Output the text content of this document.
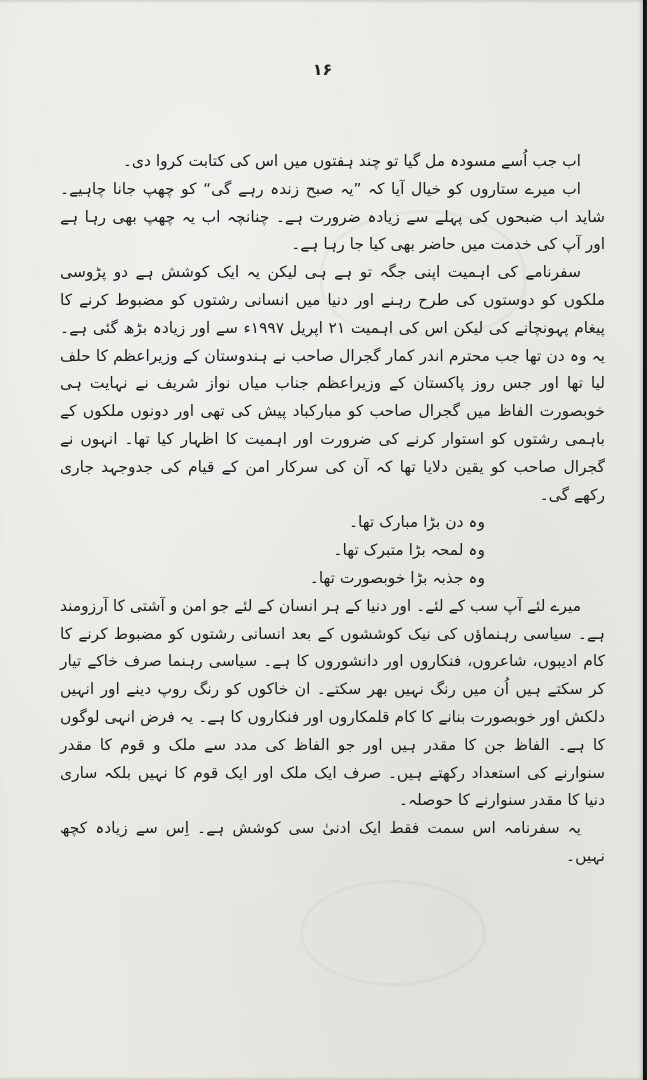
۱۶

اب جب اُسے مسودہ مل گیا تو چند ہفتوں میں اس کی کتابت کروا دی۔

اب میرے ستاروں کو خیال آیا کہ ”یہ صبح زندہ رہے گی“ کو چھپ جانا چاہیے۔ شاید اب ضبحوں کی پہلے سے زیادہ ضرورت ہے۔ چنانچہ اب یہ چھپ بھی رہا ہے اور آپ کی خدمت میں حاضر بھی کیا جا رہا ہے۔

سفرنامے کی اہمیت اپنی جگہ تو ہے ہی لیکن یہ ایک کوشش ہے دو پڑوسی ملکوں کو دوستوں کی طرح رہنے اور دنیا میں انسانی رشتوں کو مضبوط کرنے کا پیغام پہونچانے کی لیکن اس کی اہمیت ۲۱ اپریل ۱۹۹۷ء سے اور زیادہ بڑھ گئی ہے۔ یہ وہ دن تھا جب محترم اندر کمار گجرال صاحب نے ہندوستان کے وزیراعظم کا حلف لیا تھا اور جس روز پاکستان کے وزیراعظم جناب میاں نواز شریف نے نہایت ہی خوبصورت الفاظ میں گجرال صاحب کو مبارکباد پیش کی تھی اور دونوں ملکوں کے باہمی رشتوں کو استوار کرنے کی ضرورت اور اہمیت کا اظہار کیا تھا۔ انہوں نے گجرال صاحب کو یقین دلایا تھا کہ آن کی سرکار امن کے قیام کی جدوجہد جاری رکھے گی۔

وہ دن بڑا مبارک تھا۔

وہ لمحہ بڑا متبرک تھا۔

وہ جذبہ بڑا خوبصورت تھا۔

میرے لئے آپ سب کے لئے۔ اور دنیا کے ہر انسان کے لئے جو امن و آشتی کا آرزومند ہے۔ سیاسی رہنماؤں کی نیک کوششوں کے بعد انسانی رشتوں کو مضبوط کرنے کا کام ادیبوں، شاعروں، فنکاروں اور دانشوروں کا ہے۔ سیاسی رہنما صرف خاکے تیار کر سکتے ہیں اُن میں رنگ نہیں بھر سکتے۔ ان خاکوں کو رنگ روپ دینے اور انہیں دلکش اور خوبصورت بنانے کا کام قلمکاروں اور فنکاروں کا ہے۔ یہ فرض انہی لوگوں کا ہے۔ الفاظ جن کا مقدر ہیں اور جو الفاظ کی مدد سے ملک و قوم کا مقدر سنوارنے کی استعداد رکھتے ہیں۔ صرف ایک ملک اور ایک قوم کا نہیں بلکہ ساری دنیا کا مقدر سنوارنے کا حوصلہ۔

یہ سفرنامہ اس سمت فقط ایک ادنیٰ سی کوشش ہے۔ اِس سے زیادہ کچھ نہیں۔
